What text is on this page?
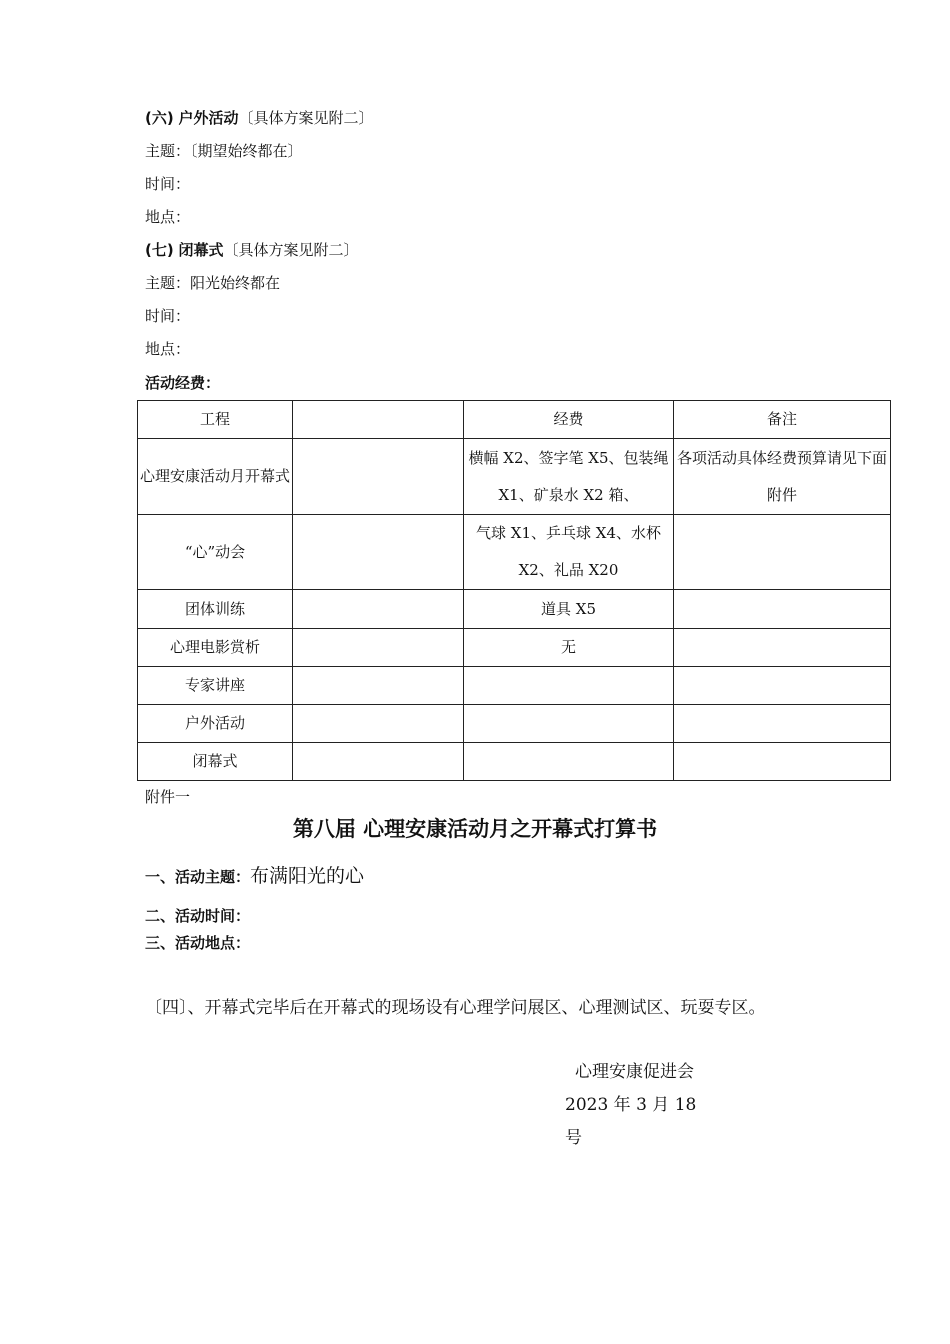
(六) 户外活动〔具体方案见附二〕
主题：〔期望始终都在〕
时间：
地点：
(七) 闭幕式〔具体方案见附二〕
主题：阳光始终都在
时间：
地点：
活动经费：
工程		经费	备注
心理安康活动月开幕式		横幅 X2、签字笔 X5、包装绳 X1、矿泉水 X2 箱、	各项活动具体经费预算请见下面附件
“心”动会		气球 X1、乒乓球 X4、水杯 X2、礼品 X20	
团体训练		道具 X5	
心理电影赏析		无	
专家讲座			
户外活动			
闭幕式			
附件一
第八届 心理安康活动月之开幕式打算书
一、活动主题：布满阳光的心
二、活动时间：
三、活动地点：
〔四〕、开幕式完毕后在开幕式的现场设有心理学问展区、心理测试区、玩耍专区。
心理安康促进会
2023 年 3 月 18
号
